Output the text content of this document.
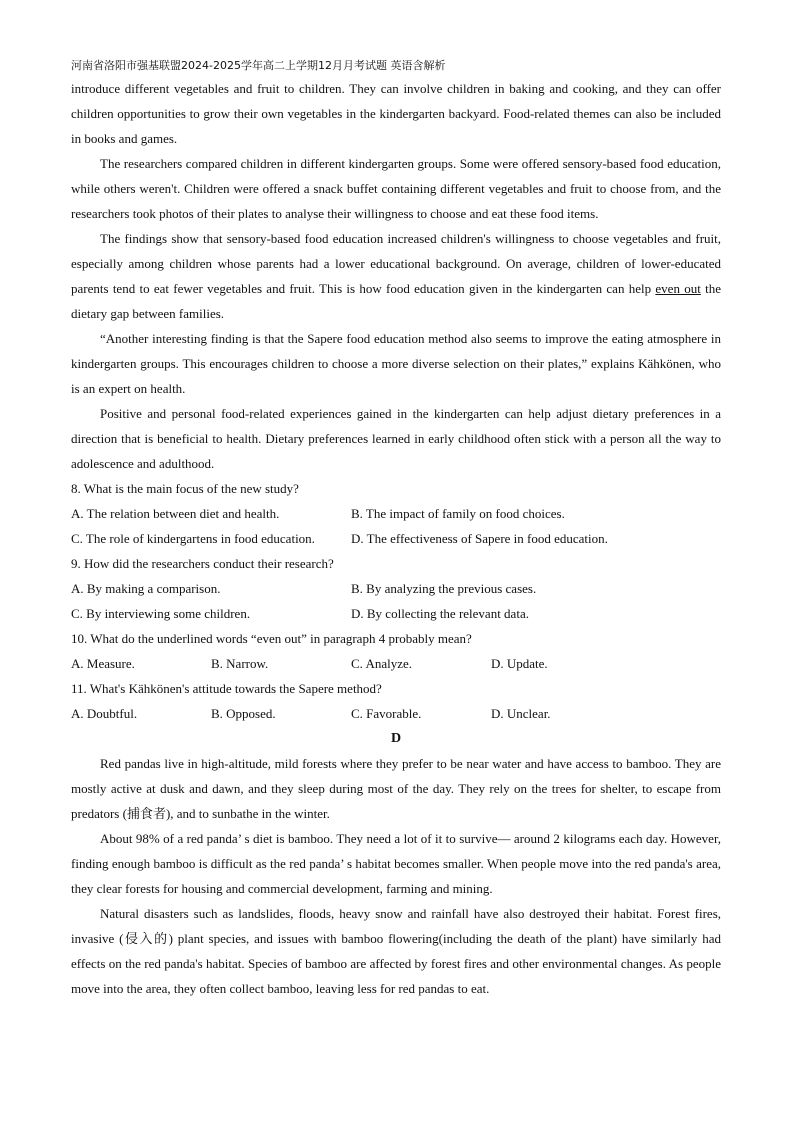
河南省洛阳市强基联盟2024-2025学年高二上学期12月月考试题 英语含解析

introduce different vegetables and fruit to children. They can involve children in baking and cooking, and they can offer children opportunities to grow their own vegetables in the kindergarten backyard. Food-related themes can also be included in books and games.

The researchers compared children in different kindergarten groups. Some were offered sensory-based food education, while others weren't. Children were offered a snack buffet containing different vegetables and fruit to choose from, and the researchers took photos of their plates to analyse their willingness to choose and eat these food items.

The findings show that sensory-based food education increased children's willingness to choose vegetables and fruit, especially among children whose parents had a lower educational background. On average, children of lower-educated parents tend to eat fewer vegetables and fruit. This is how food education given in the kindergarten can help even out the dietary gap between families.

“Another interesting finding is that the Sapere food education method also seems to improve the eating atmosphere in kindergarten groups. This encourages children to choose a more diverse selection on their plates,” explains Kähkönen, who is an expert on health.

Positive and personal food-related experiences gained in the kindergarten can help adjust dietary preferences in a direction that is beneficial to health. Dietary preferences learned in early childhood often stick with a person all the way to adolescence and adulthood.

8. What is the main focus of the new study?

A. The relation between diet and health.	B. The impact of family on food choices.
C. The role of kindergartens in food education.	D. The effectiveness of Sapere in food education.

9. How did the researchers conduct their research?

A. By making a comparison.	B. By analyzing the previous cases.
C. By interviewing some children.	D. By collecting the relevant data.

10. What do the underlined words “even out” in paragraph 4 probably mean?

A. Measure.	B. Narrow.	C. Analyze.	D. Update.

11. What's Kähkönen's attitude towards the Sapere method?

A. Doubtful.	B. Opposed.	C. Favorable.	D. Unclear.

D

Red pandas live in high-altitude, mild forests where they prefer to be near water and have access to bamboo. They are mostly active at dusk and dawn, and they sleep during most of the day. They rely on the trees for shelter, to escape from predators (捕食者), and to sunbathe in the winter.

About 98% of a red panda’ s diet is bamboo. They need a lot of it to survive— around 2 kilograms each day. However, finding enough bamboo is difficult as the red panda’ s habitat becomes smaller. When people move into the red panda's area, they clear forests for housing and commercial development, farming and mining.

Natural disasters such as landslides, floods, heavy snow and rainfall have also destroyed their habitat. Forest fires, invasive (侵入的) plant species, and issues with bamboo flowering(including the death of the plant) have similarly had effects on the red panda's habitat. Species of bamboo are affected by forest fires and other environmental changes. As people move into the area, they often collect bamboo, leaving less for red pandas to eat.
